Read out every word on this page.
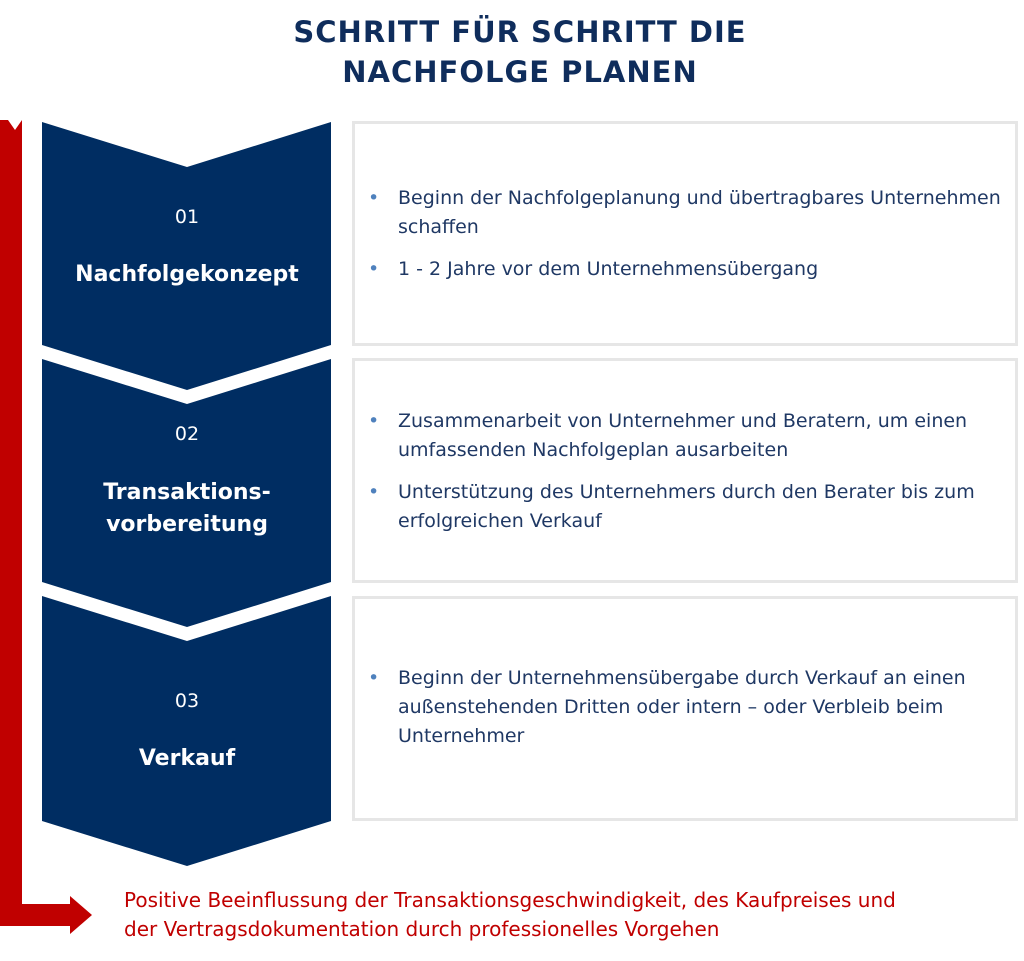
SCHRITT FÜR SCHRITT DIE
NACHFOLGE PLANEN
01
Nachfolgekonzept
02
Transaktions-
vorbereitung
03
Verkauf
• Beginn der Nachfolgeplanung und übertragbares Unternehmen schaffen
• 1 - 2 Jahre vor dem Unternehmensübergang
• Zusammenarbeit von Unternehmer und Beratern, um einen umfassenden Nachfolgeplan ausarbeiten
• Unterstützung des Unternehmers durch den Berater bis zum erfolgreichen Verkauf
• Beginn der Unternehmensübergabe durch Verkauf an einen außenstehenden Dritten oder intern – oder Verbleib beim Unternehmer
Positive Beeinflussung der Transaktionsgeschwindigkeit, des Kaufpreises und
der Vertragsdokumentation durch professionelles Vorgehen
